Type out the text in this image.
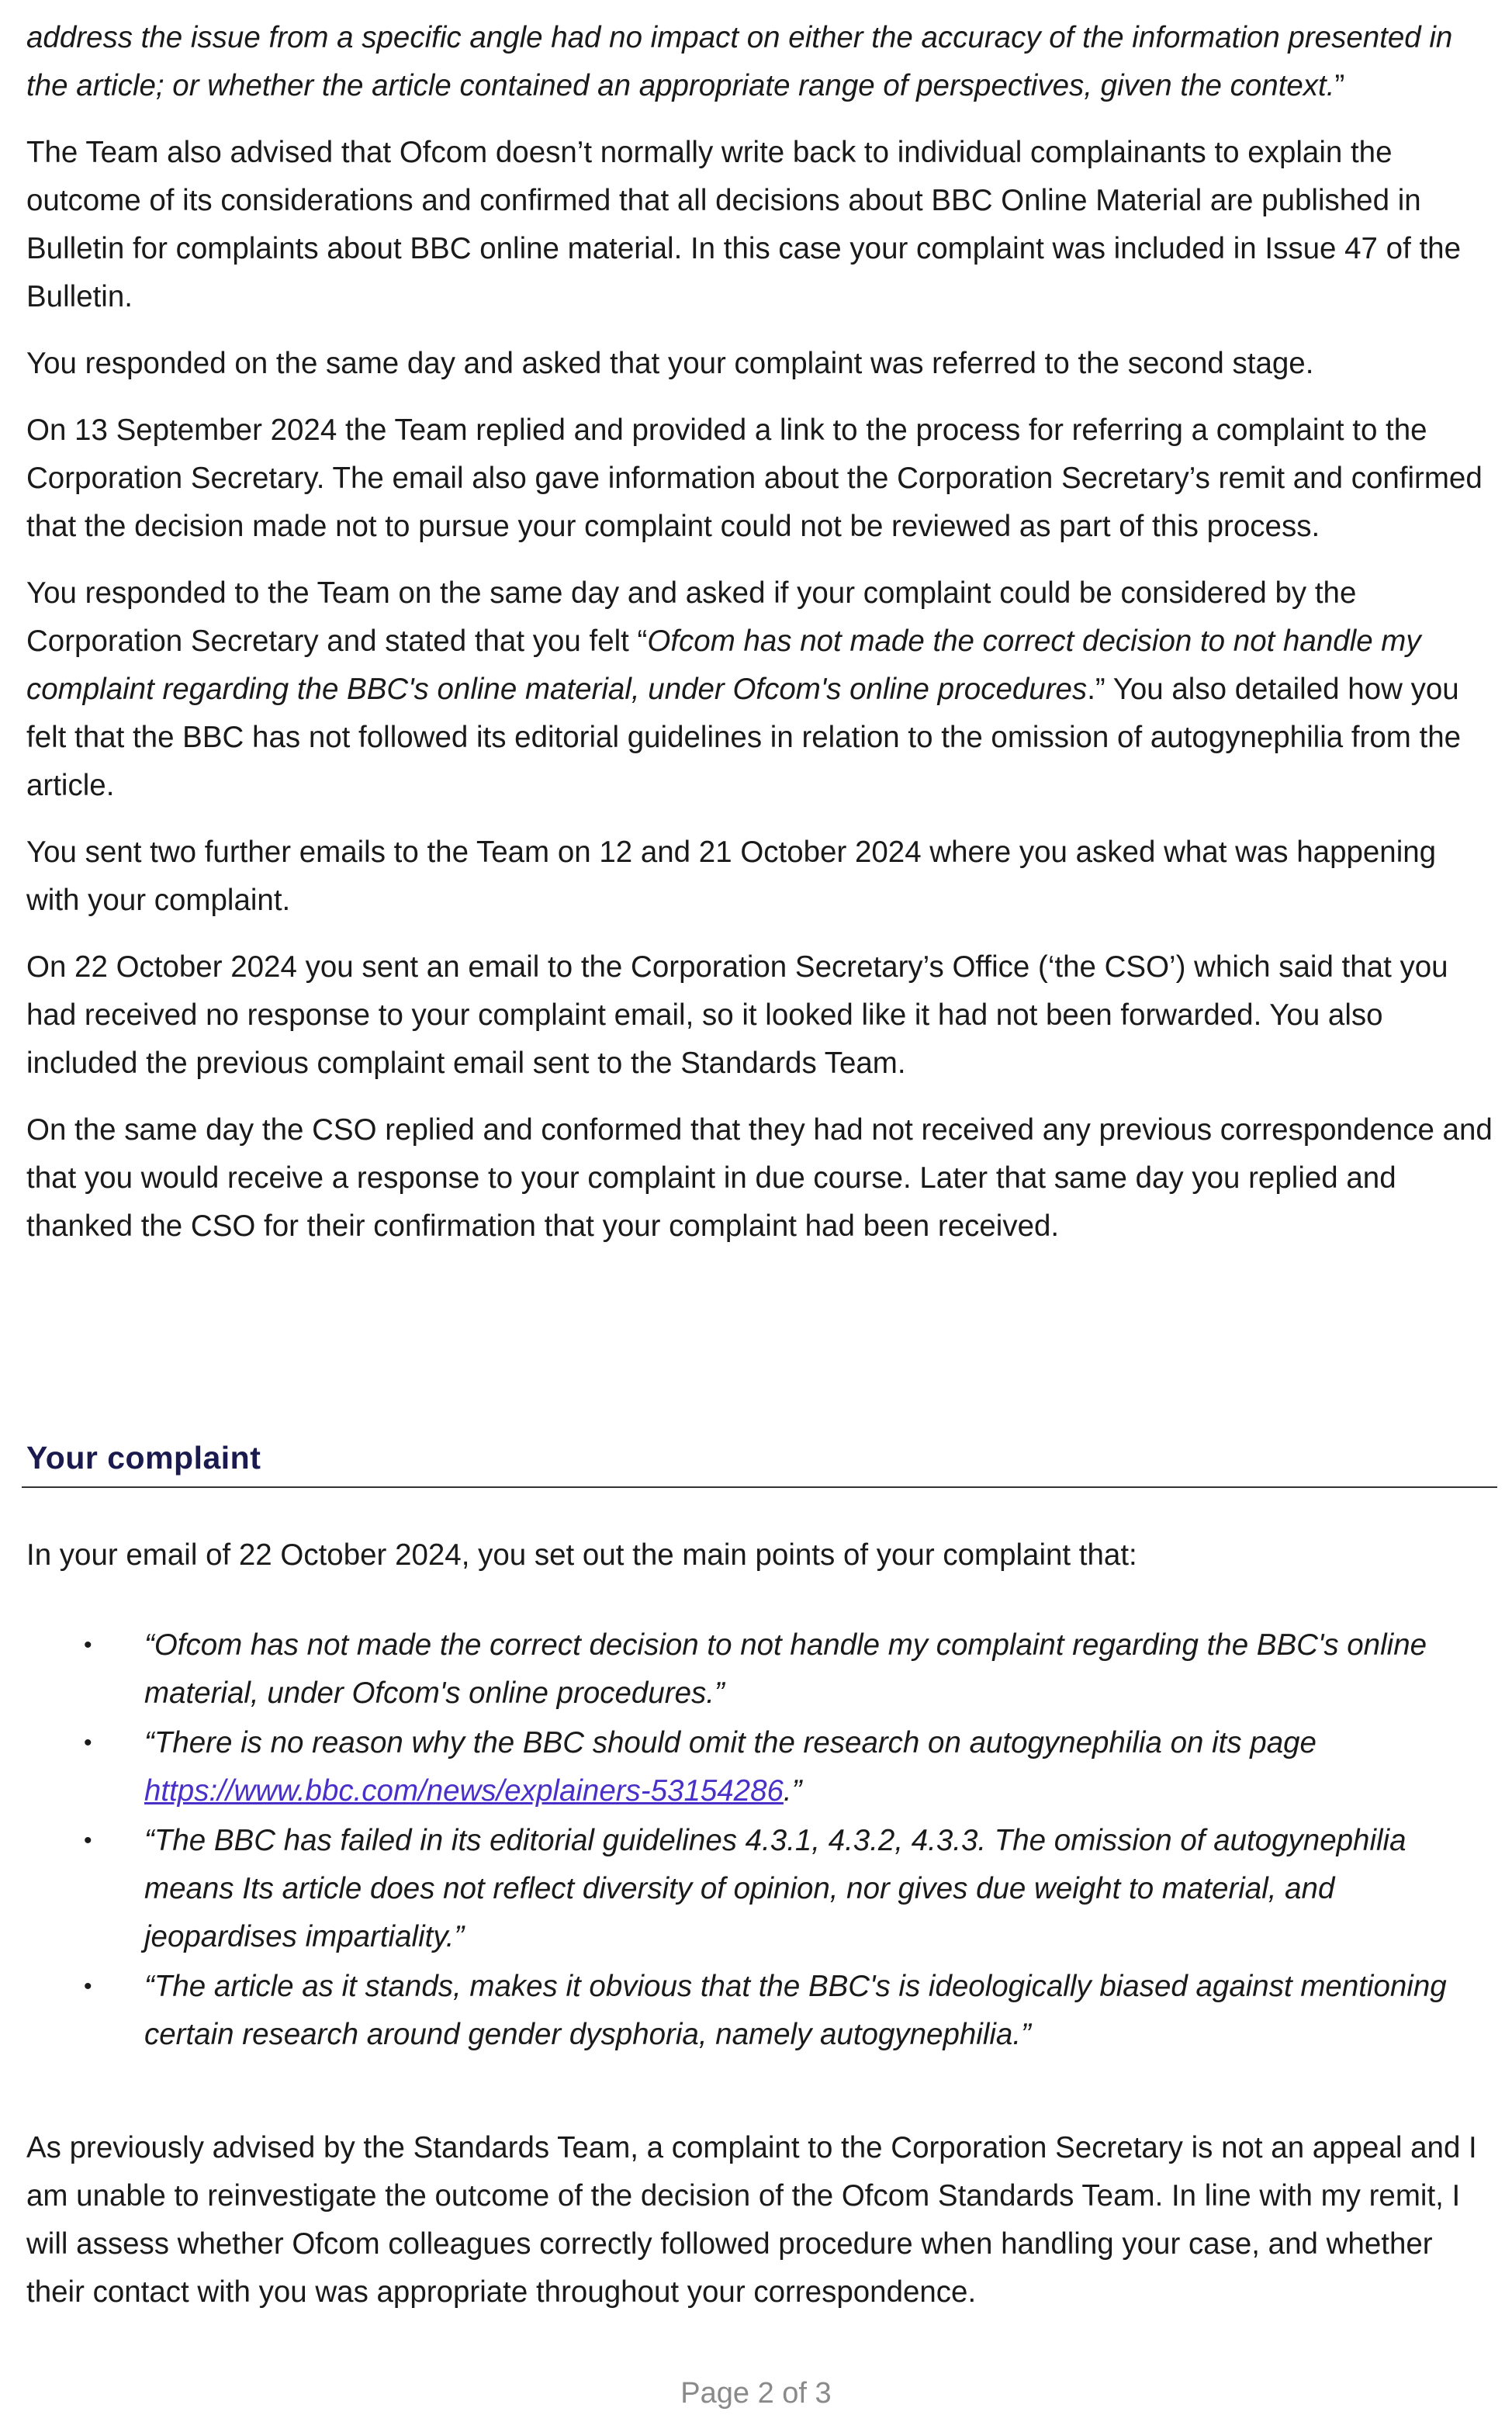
address the issue from a specific angle had no impact on either the accuracy of the information presented in the article; or whether the article contained an appropriate range of perspectives, given the context.”

The Team also advised that Ofcom doesn’t normally write back to individual complainants to explain the outcome of its considerations and confirmed that all decisions about BBC Online Material are published in Bulletin for complaints about BBC online material. In this case your complaint was included in Issue 47 of the Bulletin.

You responded on the same day and asked that your complaint was referred to the second stage.

On 13 September 2024 the Team replied and provided a link to the process for referring a complaint to the Corporation Secretary. The email also gave information about the Corporation Secretary’s remit and confirmed that the decision made not to pursue your complaint could not be reviewed as part of this process.

You responded to the Team on the same day and asked if your complaint could be considered by the Corporation Secretary and stated that you felt “Ofcom has not made the correct decision to not handle my complaint regarding the BBC's online material, under Ofcom's online procedures.” You also detailed how you felt that the BBC has not followed its editorial guidelines in relation to the omission of autogynephilia from the article.

You sent two further emails to the Team on 12 and 21 October 2024 where you asked what was happening with your complaint.

On 22 October 2024 you sent an email to the Corporation Secretary’s Office (‘the CSO’) which said that you had received no response to your complaint email, so it looked like it had not been forwarded. You also included the previous complaint email sent to the Standards Team.

On the same day the CSO replied and conformed that they had not received any previous correspondence and that you would receive a response to your complaint in due course. Later that same day you replied and thanked the CSO for their confirmation that your complaint had been received.

Your complaint

In your email of 22 October 2024, you set out the main points of your complaint that:

• “Ofcom has not made the correct decision to not handle my complaint regarding the BBC's online material, under Ofcom's online procedures.”
• “There is no reason why the BBC should omit the research on autogynephilia on its page https://www.bbc.com/news/explainers-53154286.”
• “The BBC has failed in its editorial guidelines 4.3.1, 4.3.2, 4.3.3. The omission of autogynephilia means Its article does not reflect diversity of opinion, nor gives due weight to material, and jeopardises impartiality.”
• “The article as it stands, makes it obvious that the BBC's is ideologically biased against mentioning certain research around gender dysphoria, namely autogynephilia.”

As previously advised by the Standards Team, a complaint to the Corporation Secretary is not an appeal and I am unable to reinvestigate the outcome of the decision of the Ofcom Standards Team. In line with my remit, I will assess whether Ofcom colleagues correctly followed procedure when handling your case, and whether their contact with you was appropriate throughout your correspondence.

Page 2 of 3
